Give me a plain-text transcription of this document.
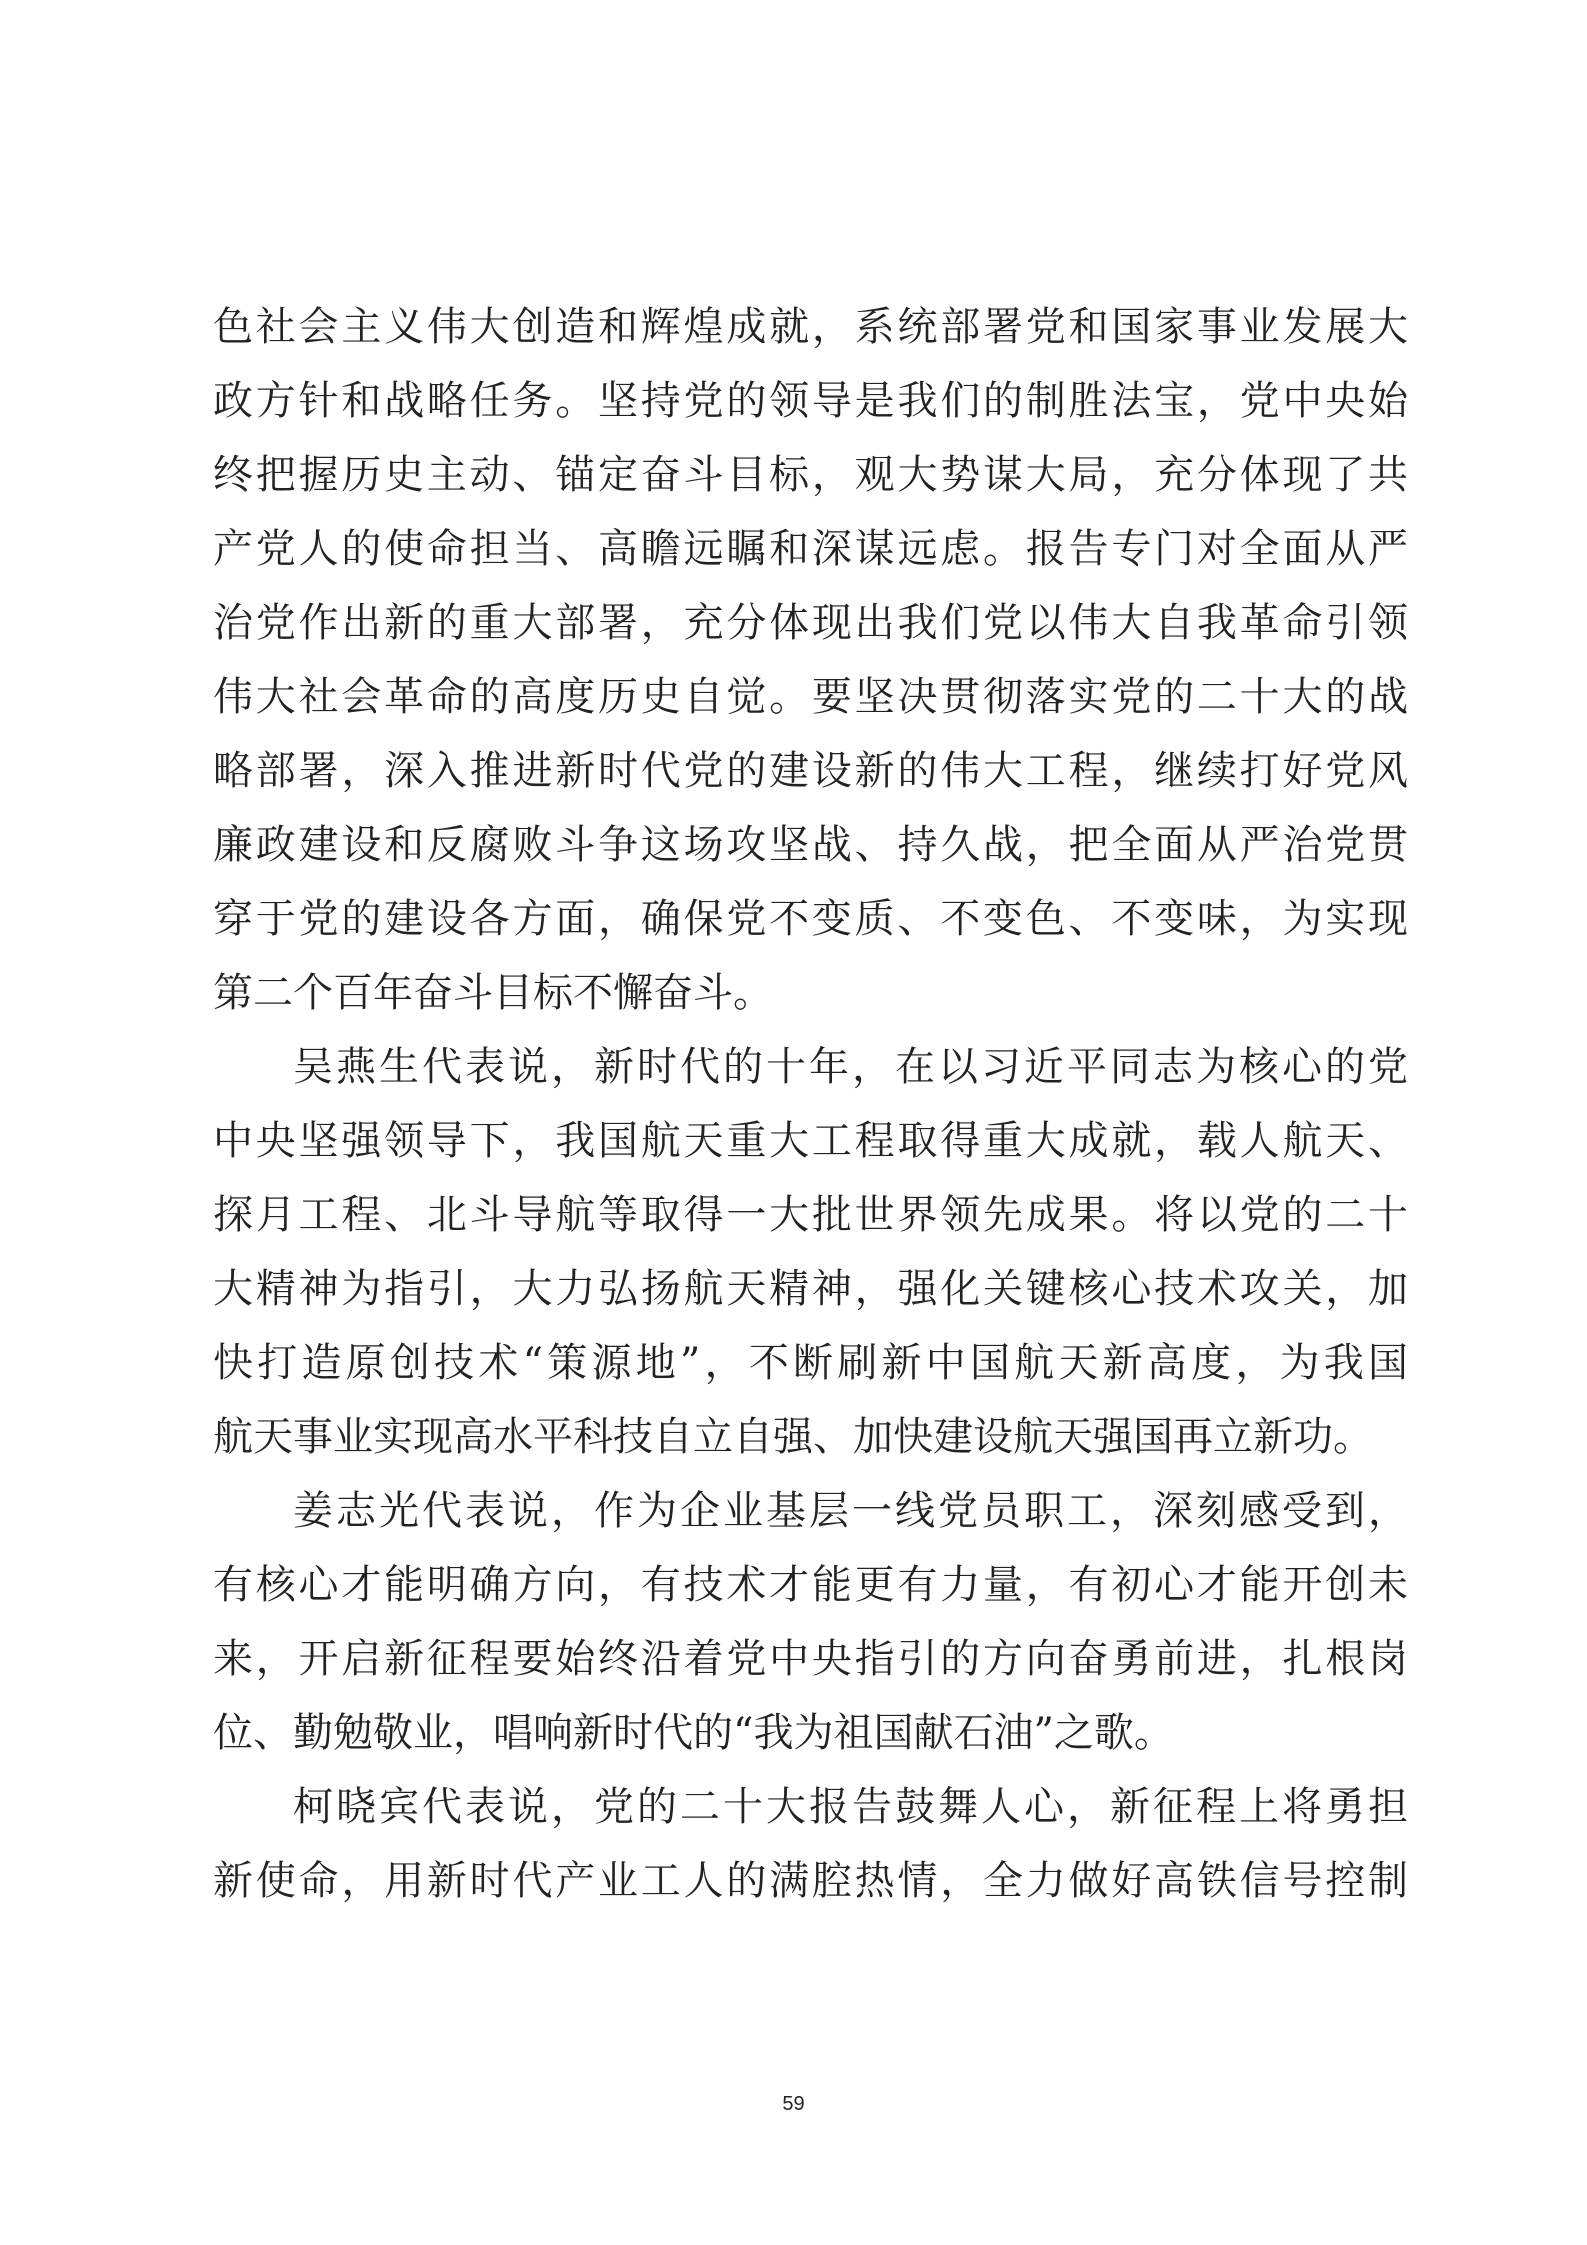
色社会主义伟大创造和辉煌成就，系统部署党和国家事业发展大
政方针和战略任务。坚持党的领导是我们的制胜法宝，党中央始
终把握历史主动、锚定奋斗目标，观大势谋大局，充分体现了共
产党人的使命担当、高瞻远瞩和深谋远虑。报告专门对全面从严
治党作出新的重大部署，充分体现出我们党以伟大自我革命引领
伟大社会革命的高度历史自觉。要坚决贯彻落实党的二十大的战
略部署，深入推进新时代党的建设新的伟大工程，继续打好党风
廉政建设和反腐败斗争这场攻坚战、持久战，把全面从严治党贯
穿于党的建设各方面，确保党不变质、不变色、不变味，为实现
第二个百年奋斗目标不懈奋斗。
吴燕生代表说，新时代的十年，在以习近平同志为核心的党
中央坚强领导下，我国航天重大工程取得重大成就，载人航天、
探月工程、北斗导航等取得一大批世界领先成果。将以党的二十
大精神为指引，大力弘扬航天精神，强化关键核心技术攻关，加
快打造原创技术“策源地”，不断刷新中国航天新高度，为我国
航天事业实现高水平科技自立自强、加快建设航天强国再立新功。
姜志光代表说，作为企业基层一线党员职工，深刻感受到，
有核心才能明确方向，有技术才能更有力量，有初心才能开创未
来，开启新征程要始终沿着党中央指引的方向奋勇前进，扎根岗
位、勤勉敬业，唱响新时代的“我为祖国献石油”之歌。
柯晓宾代表说，党的二十大报告鼓舞人心，新征程上将勇担
新使命，用新时代产业工人的满腔热情，全力做好高铁信号控制
59
